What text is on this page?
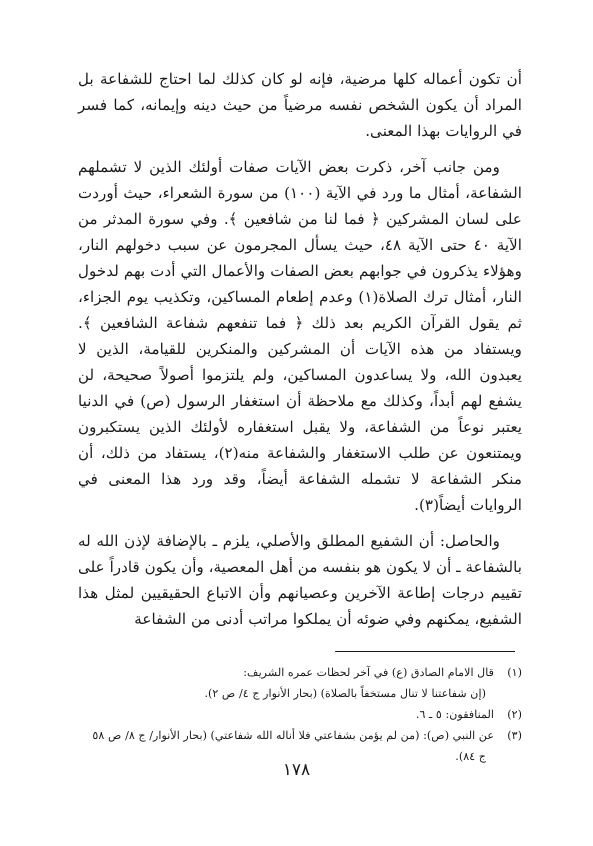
أن تكون أعماله كلها مرضية، فإنه لو كان كذلك لما احتاج للشفاعة بل المراد أن يكون الشخص نفسه مرضياً من حيث دينه وإيمانه، كما فسر في الروايات بهذا المعنى.

ومن جانب آخر، ذكرت بعض الآيات صفات أولئك الذين لا تشملهم الشفاعة، أمثال ما ورد في الآية (١٠٠) من سورة الشعراء، حيث أوردت على لسان المشركين ﴿ فما لنا من شافعين ﴾. وفي سورة المدثر من الآية ٤٠ حتى الآية ٤٨، حيث يسأل المجرمون عن سبب دخولهم النار، وهؤلاء يذكرون في جوابهم بعض الصفات والأعمال التي أدت بهم لدخول النار، أمثال ترك الصلاة(١) وعدم إطعام المساكين، وتكذيب يوم الجزاء، ثم يقول القرآن الكريم بعد ذلك ﴿ فما تنفعهم شفاعة الشافعين ﴾. ويستفاد من هذه الآيات أن المشركين والمنكرين للقيامة، الذين لا يعبدون الله، ولا يساعدون المساكين، ولم يلتزموا أصولاً صحيحة، لن يشفع لهم أبداً، وكذلك مع ملاحظة أن استغفار الرسول (ص) في الدنيا يعتبر نوعاً من الشفاعة، ولا يقبل استغفاره لأولئك الذين يستكبرون ويمتنعون عن طلب الاستغفار والشفاعة منه(٢)، يستفاد من ذلك، أن منكر الشفاعة لا تشمله الشفاعة أيضاً، وقد ورد هذا المعنى في الروايات أيضاً(٣).

والحاصل: أن الشفيع المطلق والأصلي، يلزم ـ بالإضافة لإذن الله له بالشفاعة ـ أن لا يكون هو بنفسه من أهل المعصية، وأن يكون قادراً على تقييم درجات إطاعة الآخرين وعصيانهم وأن الاتباع الحقيقيين لمثل هذا الشفيع، يمكنهم وفي ضوئه أن يملكوا مراتب أدنى من الشفاعة

(١)
قال الامام الصادق (ع) في آخر لحظات عمره الشريف:
(إن شفاعتنا لا تنال مستخفاً بالصلاة) (بحار الأنوار ج ٤/ ص ٢).
(٢)
المنافقون: ٥ ـ ٦.
(٣)
عن النبي (ص): (من لم يؤمن بشفاعتي فلا أناله الله شفاعتي) (بحار الأنوار/ ج ٨/ ص ٥٨
ج ٨٤).
١٧٨
